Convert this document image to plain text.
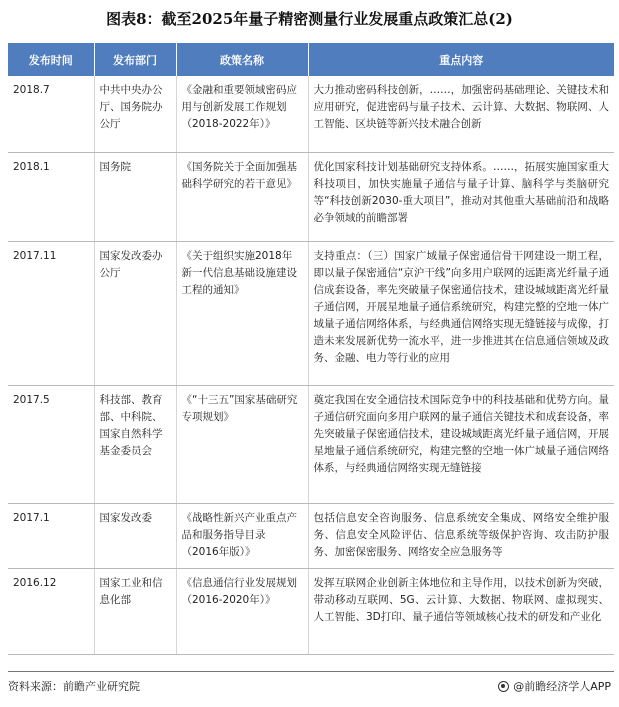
图表8：截至2025年量子精密测量行业发展重点政策汇总(2)
发布时间	发布部门	政策名称	重点内容
2018.7	中共中央办公厅、国务院办公厅	《金融和重要领域密码应用与创新发展工作规划（2018-2022年）》	大力推动密码科技创新，……，加强密码基础理论、关键技术和应用研究，促进密码与量子技术、云计算、大数据、物联网、人工智能、区块链等新兴技术融合创新
2018.1	国务院	《国务院关于全面加强基础科学研究的若干意见》	优化国家科技计划基础研究支持体系。……，拓展实施国家重大科技项目，加快实施量子通信与量子计算、脑科学与类脑研究等“科技创新2030-重大项目”，推动对其他重大基础前沿和战略必争领域的前瞻部署
2017.11	国家发改委办公厅	《关于组织实施2018年新一代信息基础设施建设工程的通知》	支持重点：（三）国家广域量子保密通信骨干网建设一期工程，即以量子保密通信“京沪干线”向多用户联网的远距离光纤量子通信成套设备，率先突破量子保密通信技术，建设城域距离光纤量子通信网，开展星地量子通信系统研究，构建完整的空地一体广域量子通信网络体系，与经典通信网络实现无缝链接与成像，打造未来发展新优势一流水平，进一步推进其在信息通信领域及政务、金融、电力等行业的应用
2017.5	科技部、教育部、中科院、国家自然科学基金委员会	《“十三五”国家基础研究专项规划》	奠定我国在安全通信技术国际竞争中的科技基础和优势方向。量子通信研究面向多用户联网的量子通信关键技术和成套设备，率先突破量子保密通信技术，建设城域距离光纤量子通信网，开展星地量子通信系统研究，构建完整的空地一体广域量子通信网络体系，与经典通信网络实现无缝链接
2017.1	国家发改委	《战略性新兴产业重点产品和服务指导目录（2016年版）》	包括信息安全咨询服务、信息系统安全集成、网络安全维护服务、信息安全风险评估、信息系统等级保护咨询、攻击防护服务、加密保密服务、网络安全应急服务等
2016.12	国家工业和信息化部	《信息通信行业发展规划（2016-2020年）》	发挥互联网企业创新主体地位和主导作用，以技术创新为突破，带动移动互联网、5G、云计算、大数据、物联网、虚拟现实、人工智能、3D打印、量子通信等领域核心技术的研发和产业化
资料来源：前瞻产业研究院	@前瞻经济学人APP
